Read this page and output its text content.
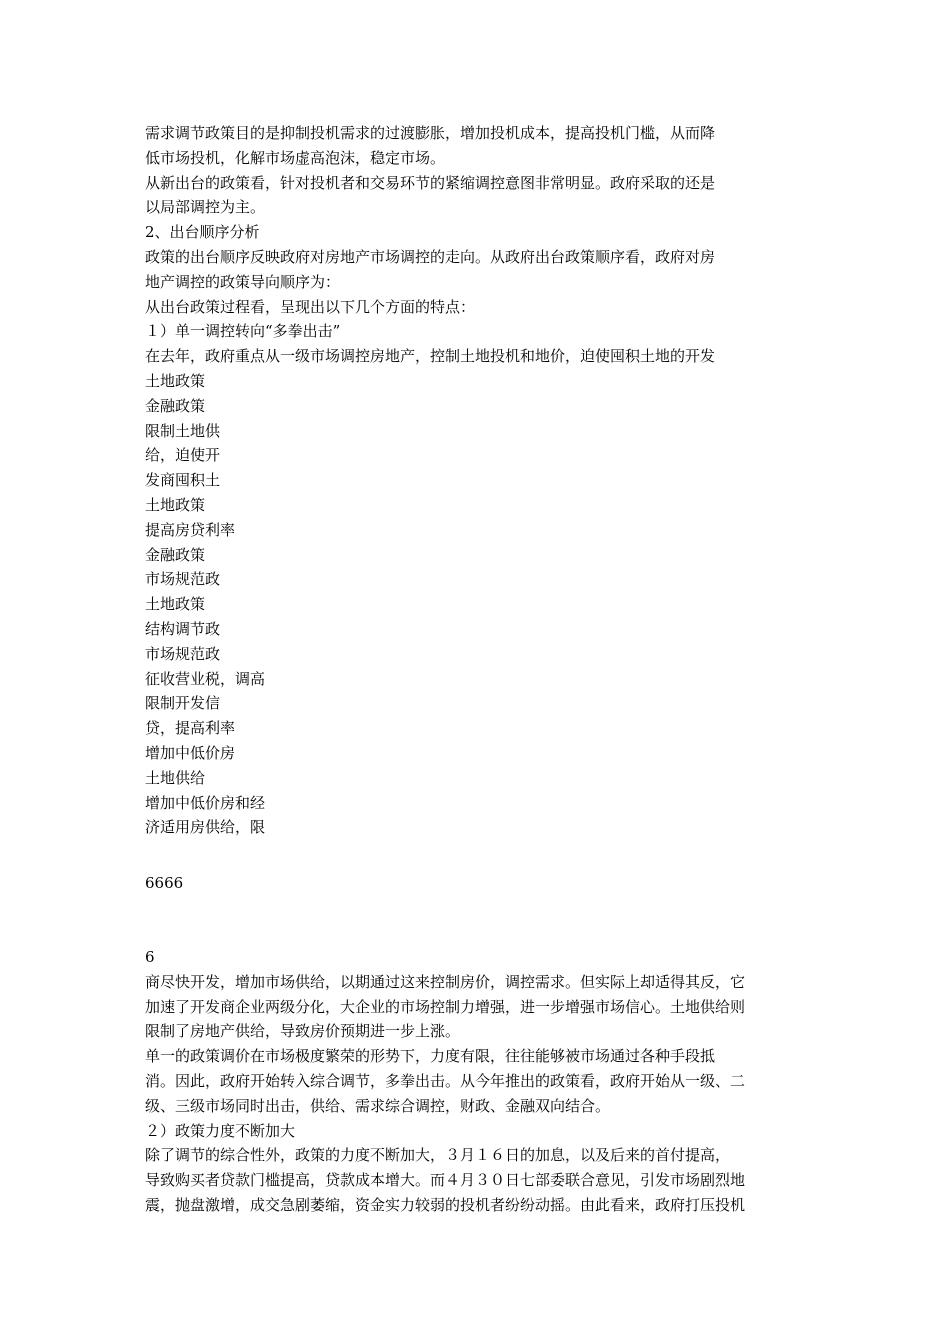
需求调节政策目的是抑制投机需求的过渡膨胀，增加投机成本，提高投机门槛，从而降
低市场投机，化解市场虚高泡沫，稳定市场。
从新出台的政策看，针对投机者和交易环节的紧缩调控意图非常明显。政府采取的还是
以局部调控为主。
2、出台顺序分析
政策的出台顺序反映政府对房地产市场调控的走向。从政府出台政策顺序看，政府对房
地产调控的政策导向顺序为：
从出台政策过程看，呈现出以下几个方面的特点：
１）单一调控转向“多拳出击”
在去年，政府重点从一级市场调控房地产，控制土地投机和地价，迫使囤积土地的开发
土地政策
金融政策
限制土地供
给，迫使开
发商囤积土
土地政策
提高房贷利率
金融政策
市场规范政
土地政策
结构调节政
市场规范政
征收营业税，调高
限制开发信
贷，提高利率
增加中低价房
土地供给
增加中低价房和经
济适用房供给，限
6666
6
商尽快开发，增加市场供给，以期通过这来控制房价，调控需求。但实际上却适得其反，它
加速了开发商企业两级分化，大企业的市场控制力增强，进一步增强市场信心。土地供给则
限制了房地产供给，导致房价预期进一步上涨。
单一的政策调价在市场极度繁荣的形势下，力度有限，往往能够被市场通过各种手段抵
消。因此，政府开始转入综合调节，多拳出击。从今年推出的政策看，政府开始从一级、二
级、三级市场同时出击，供给、需求综合调控，财政、金融双向结合。
２）政策力度不断加大
除了调节的综合性外，政策的力度不断加大，３月１６日的加息，以及后来的首付提高，
导致购买者贷款门槛提高，贷款成本增大。而４月３０日七部委联合意见，引发市场剧烈地
震，抛盘激增，成交急剧萎缩，资金实力较弱的投机者纷纷动摇。由此看来，政府打压投机
